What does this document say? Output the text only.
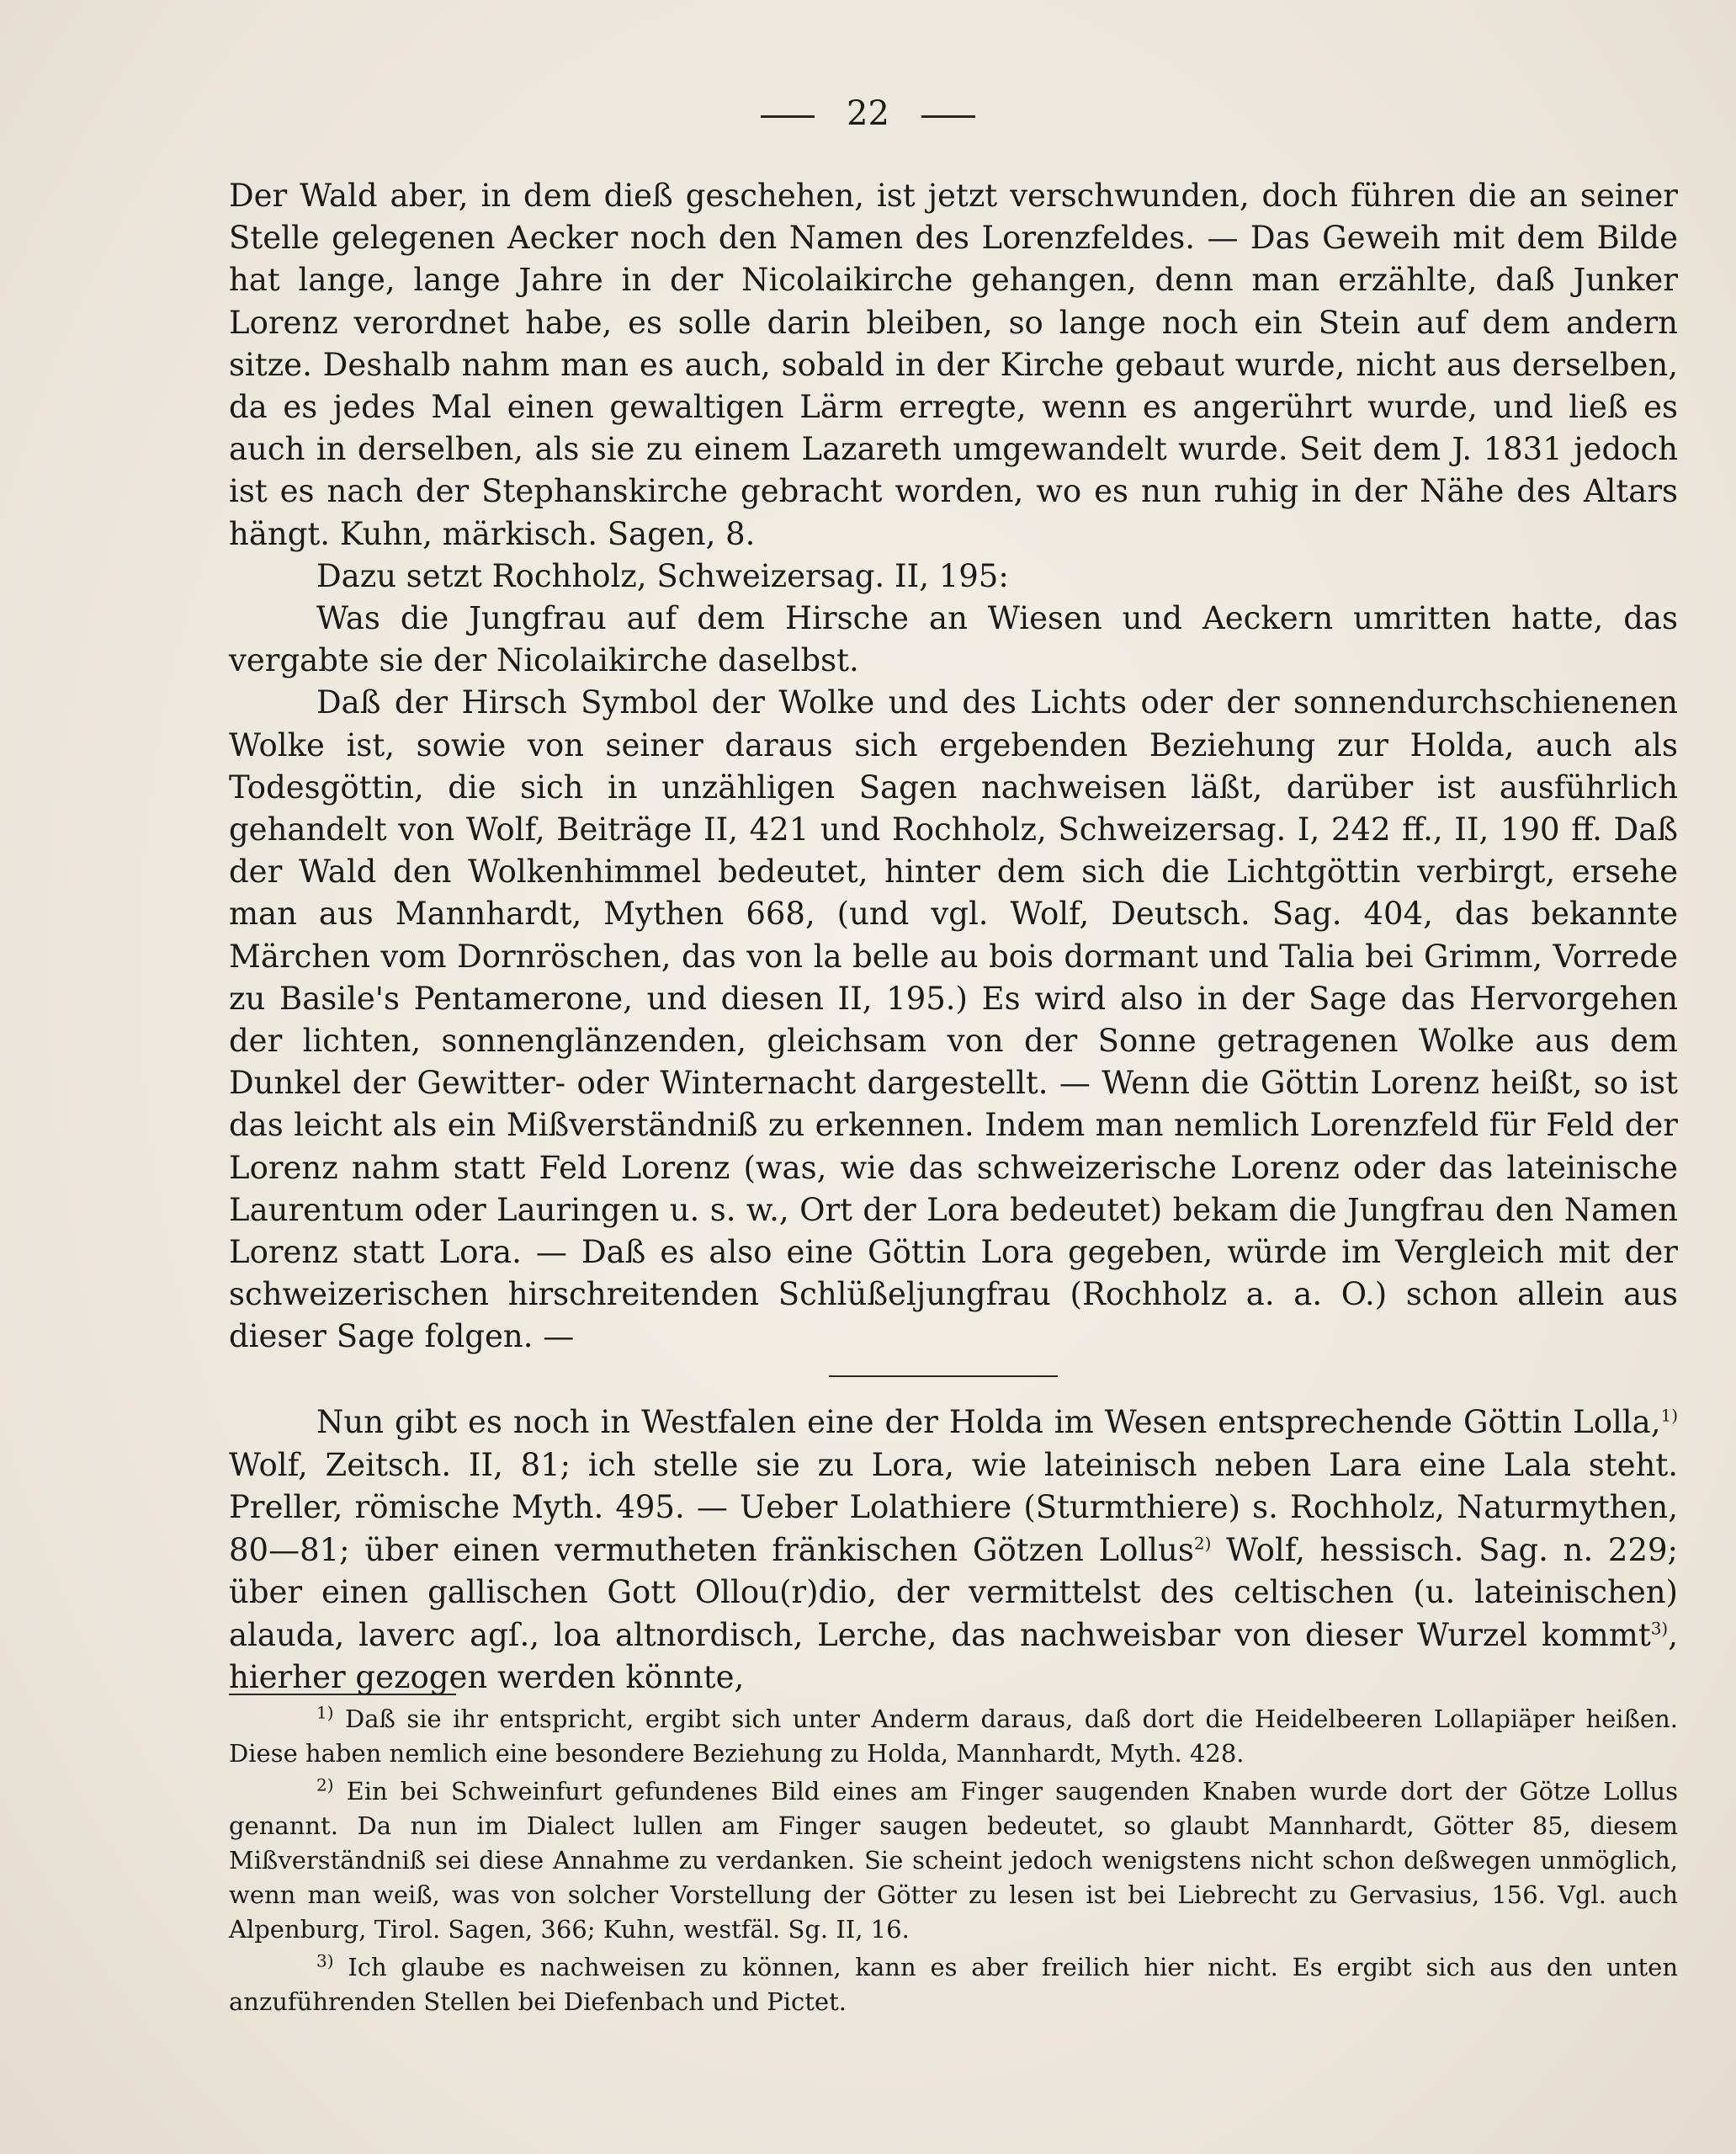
22

Der Wald aber, in dem dieß geschehen, ist jetzt verschwunden, doch führen die an seiner Stelle gelegenen Aecker noch den Namen des Lorenzfeldes. — Das Geweih mit dem Bilde hat lange, lange Jahre in der Nicolaikirche gehangen, denn man erzählte, daß Junker Lorenz verordnet habe, es solle darin bleiben, so lange noch ein Stein auf dem andern sitze. Deshalb nahm man es auch, sobald in der Kirche gebaut wurde, nicht aus derselben, da es jedes Mal einen gewaltigen Lärm erregte, wenn es angerührt wurde, und ließ es auch in derselben, als sie zu einem Lazareth umgewandelt wurde. Seit dem J. 1831 jedoch ist es nach der Stephanskirche gebracht worden, wo es nun ruhig in der Nähe des Altars hängt. Kuhn, märkisch. Sagen, 8.

Dazu setzt Rochholz, Schweizersag. II, 195:

Was die Jungfrau auf dem Hirsche an Wiesen und Aeckern umritten hatte, das vergabte sie der Nicolaikirche daselbst.

Daß der Hirsch Symbol der Wolke und des Lichts oder der sonnendurchschienenen Wolke ist, sowie von seiner daraus sich ergebenden Beziehung zur Holda, auch als Todesgöttin, die sich in unzähligen Sagen nachweisen läßt, darüber ist ausführlich gehandelt von Wolf, Beiträge II, 421 und Rochholz, Schweizersag. I, 242 ff., II, 190 ff. Daß der Wald den Wolkenhimmel bedeutet, hinter dem sich die Lichtgöttin verbirgt, ersehe man aus Mannhardt, Mythen 668, (und vgl. Wolf, Deutsch. Sag. 404, das bekannte Märchen vom Dornröschen, das von la belle au bois dormant und Talia bei Grimm, Vorrede zu Basile's Pentamerone, und diesen II, 195.) Es wird also in der Sage das Hervorgehen der lichten, sonnenglänzenden, gleichsam von der Sonne getragenen Wolke aus dem Dunkel der Gewitter- oder Winternacht dargestellt. — Wenn die Göttin Lorenz heißt, so ist das leicht als ein Mißverständniß zu erkennen. Indem man nemlich Lorenzfeld für Feld der Lorenz nahm statt Feld Lorenz (was, wie das schweizerische Lorenz oder das lateinische Laurentum oder Lauringen u. s. w., Ort der Lora bedeutet) bekam die Jungfrau den Namen Lorenz statt Lora. — Daß es also eine Göttin Lora gegeben, würde im Vergleich mit der schweizerischen hirschreitenden Schlüßeljungfrau (Rochholz a. a. O.) schon allein aus dieser Sage folgen. —

Nun gibt es noch in Westfalen eine der Holda im Wesen entsprechende Göttin Lolla,$^{1)}$ Wolf, Zeitsch. II, 81; ich stelle sie zu Lora, wie lateinisch neben Lara eine Lala steht. Preller, römische Myth. 495. — Ueber Lolathiere (Sturmthiere) s. Rochholz, Naturmythen, 80—81; über einen vermutheten fränkischen Götzen Lollus$^{2)}$ Wolf, hessisch. Sag. n. 229; über einen gallischen Gott Ollou(r)dio, der vermittelst des celtischen (u. lateinischen) alauda, laverc agſ., loa altnordisch, Lerche, das nachweisbar von dieser Wurzel kommt$^{3)}$, hierher gezogen werden könnte,

$^{1)}$ Daß sie ihr entspricht, ergibt sich unter Anderm daraus, daß dort die Heidelbeeren Lollapiäper heißen. Diese haben nemlich eine besondere Beziehung zu Holda, Mannhardt, Myth. 428.

$^{2)}$ Ein bei Schweinfurt gefundenes Bild eines am Finger saugenden Knaben wurde dort der Götze Lollus genannt. Da nun im Dialect lullen am Finger saugen bedeutet, so glaubt Mannhardt, Götter 85, diesem Mißverständniß sei diese Annahme zu verdanken. Sie scheint jedoch wenigstens nicht schon deßwegen unmöglich, wenn man weiß, was von solcher Vorstellung der Götter zu lesen ist bei Liebrecht zu Gervasius, 156. Vgl. auch Alpenburg, Tirol. Sagen, 366; Kuhn, westfäl. Sg. II, 16.

$^{3)}$ Ich glaube es nachweisen zu können, kann es aber freilich hier nicht. Es ergibt sich aus den unten anzuführenden Stellen bei Diefenbach und Pictet.
